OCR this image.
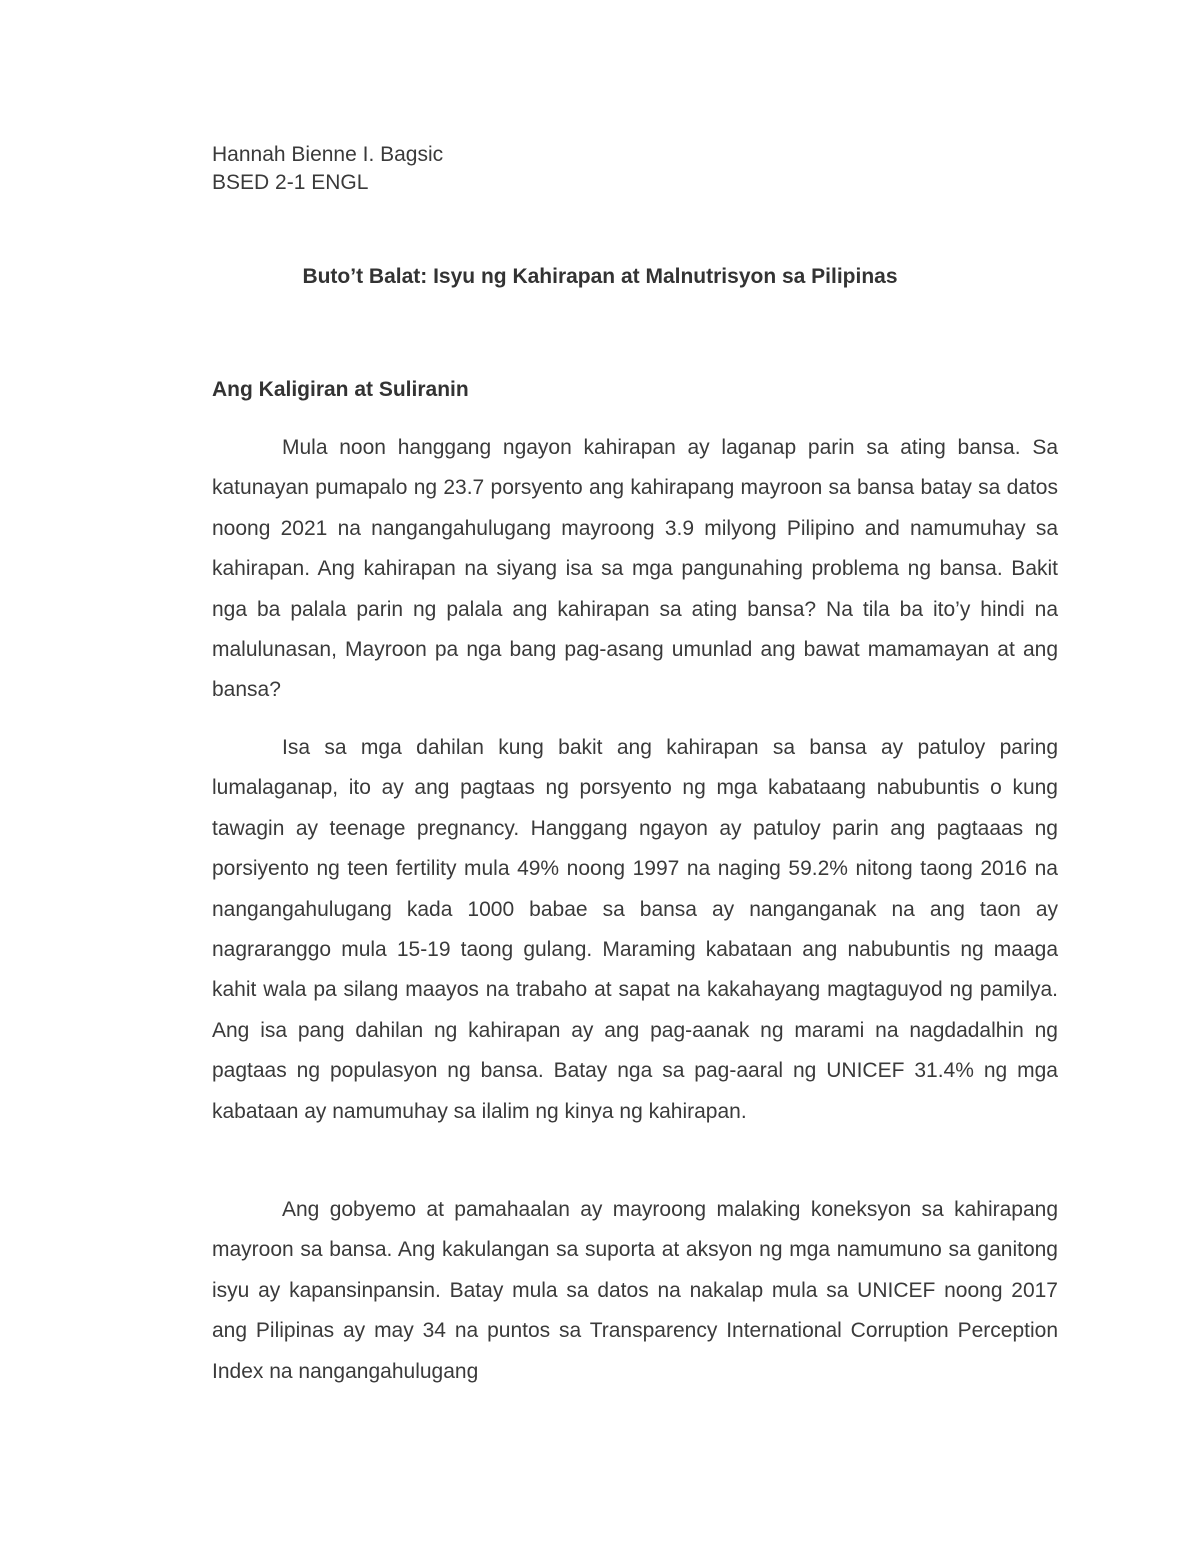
Hannah Bienne I. Bagsic
BSED 2-1 ENGL
Buto’t Balat: Isyu ng Kahirapan at Malnutrisyon sa Pilipinas
Ang Kaligiran at Suliranin

Mula noon hanggang ngayon kahirapan ay laganap parin sa ating bansa. Sa katunayan pumapalo ng 23.7 porsyento ang kahirapang mayroon sa bansa batay sa datos noong 2021 na nangangahulugang mayroong 3.9 milyong Pilipino and namumuhay sa kahirapan. Ang kahirapan na siyang isa sa mga pangunahing problema ng bansa. Bakit nga ba palala parin ng palala ang kahirapan sa ating bansa? Na tila ba ito’y hindi na malulunasan, Mayroon pa nga bang pag-asang umunlad ang bawat mamamayan at ang bansa?

Isa sa mga dahilan kung bakit ang kahirapan sa bansa ay patuloy paring lumalaganap, ito ay ang pagtaas ng porsyento ng mga kabataang nabubuntis o kung tawagin ay teenage pregnancy. Hanggang ngayon ay patuloy parin ang pagtaaas ng porsiyento ng teen fertility mula 49% noong 1997 na naging 59.2% nitong taong 2016 na nangangahulugang kada 1000 babae sa bansa ay nanganganak na ang taon ay nagraranggo mula 15-19 taong gulang. Maraming kabataan ang nabubuntis ng maaga kahit wala pa silang maayos na trabaho at sapat na kakahayang magtaguyod ng pamilya. Ang isa pang dahilan ng kahirapan ay ang pag-aanak ng marami na nagdadalhin ng pagtaas ng populasyon ng bansa. Batay nga sa pag-aaral ng UNICEF 31.4% ng mga kabataan ay namumuhay sa ilalim ng kinya ng kahirapan.

Ang gobyemo at pamahaalan ay mayroong malaking koneksyon sa kahirapang mayroon sa bansa. Ang kakulangan sa suporta at aksyon ng mga namumuno sa ganitong isyu ay kapansinpansin. Batay mula sa datos na nakalap mula sa UNICEF noong 2017 ang Pilipinas ay may 34 na puntos sa Transparency International Corruption Perception Index na nangangahulugang
